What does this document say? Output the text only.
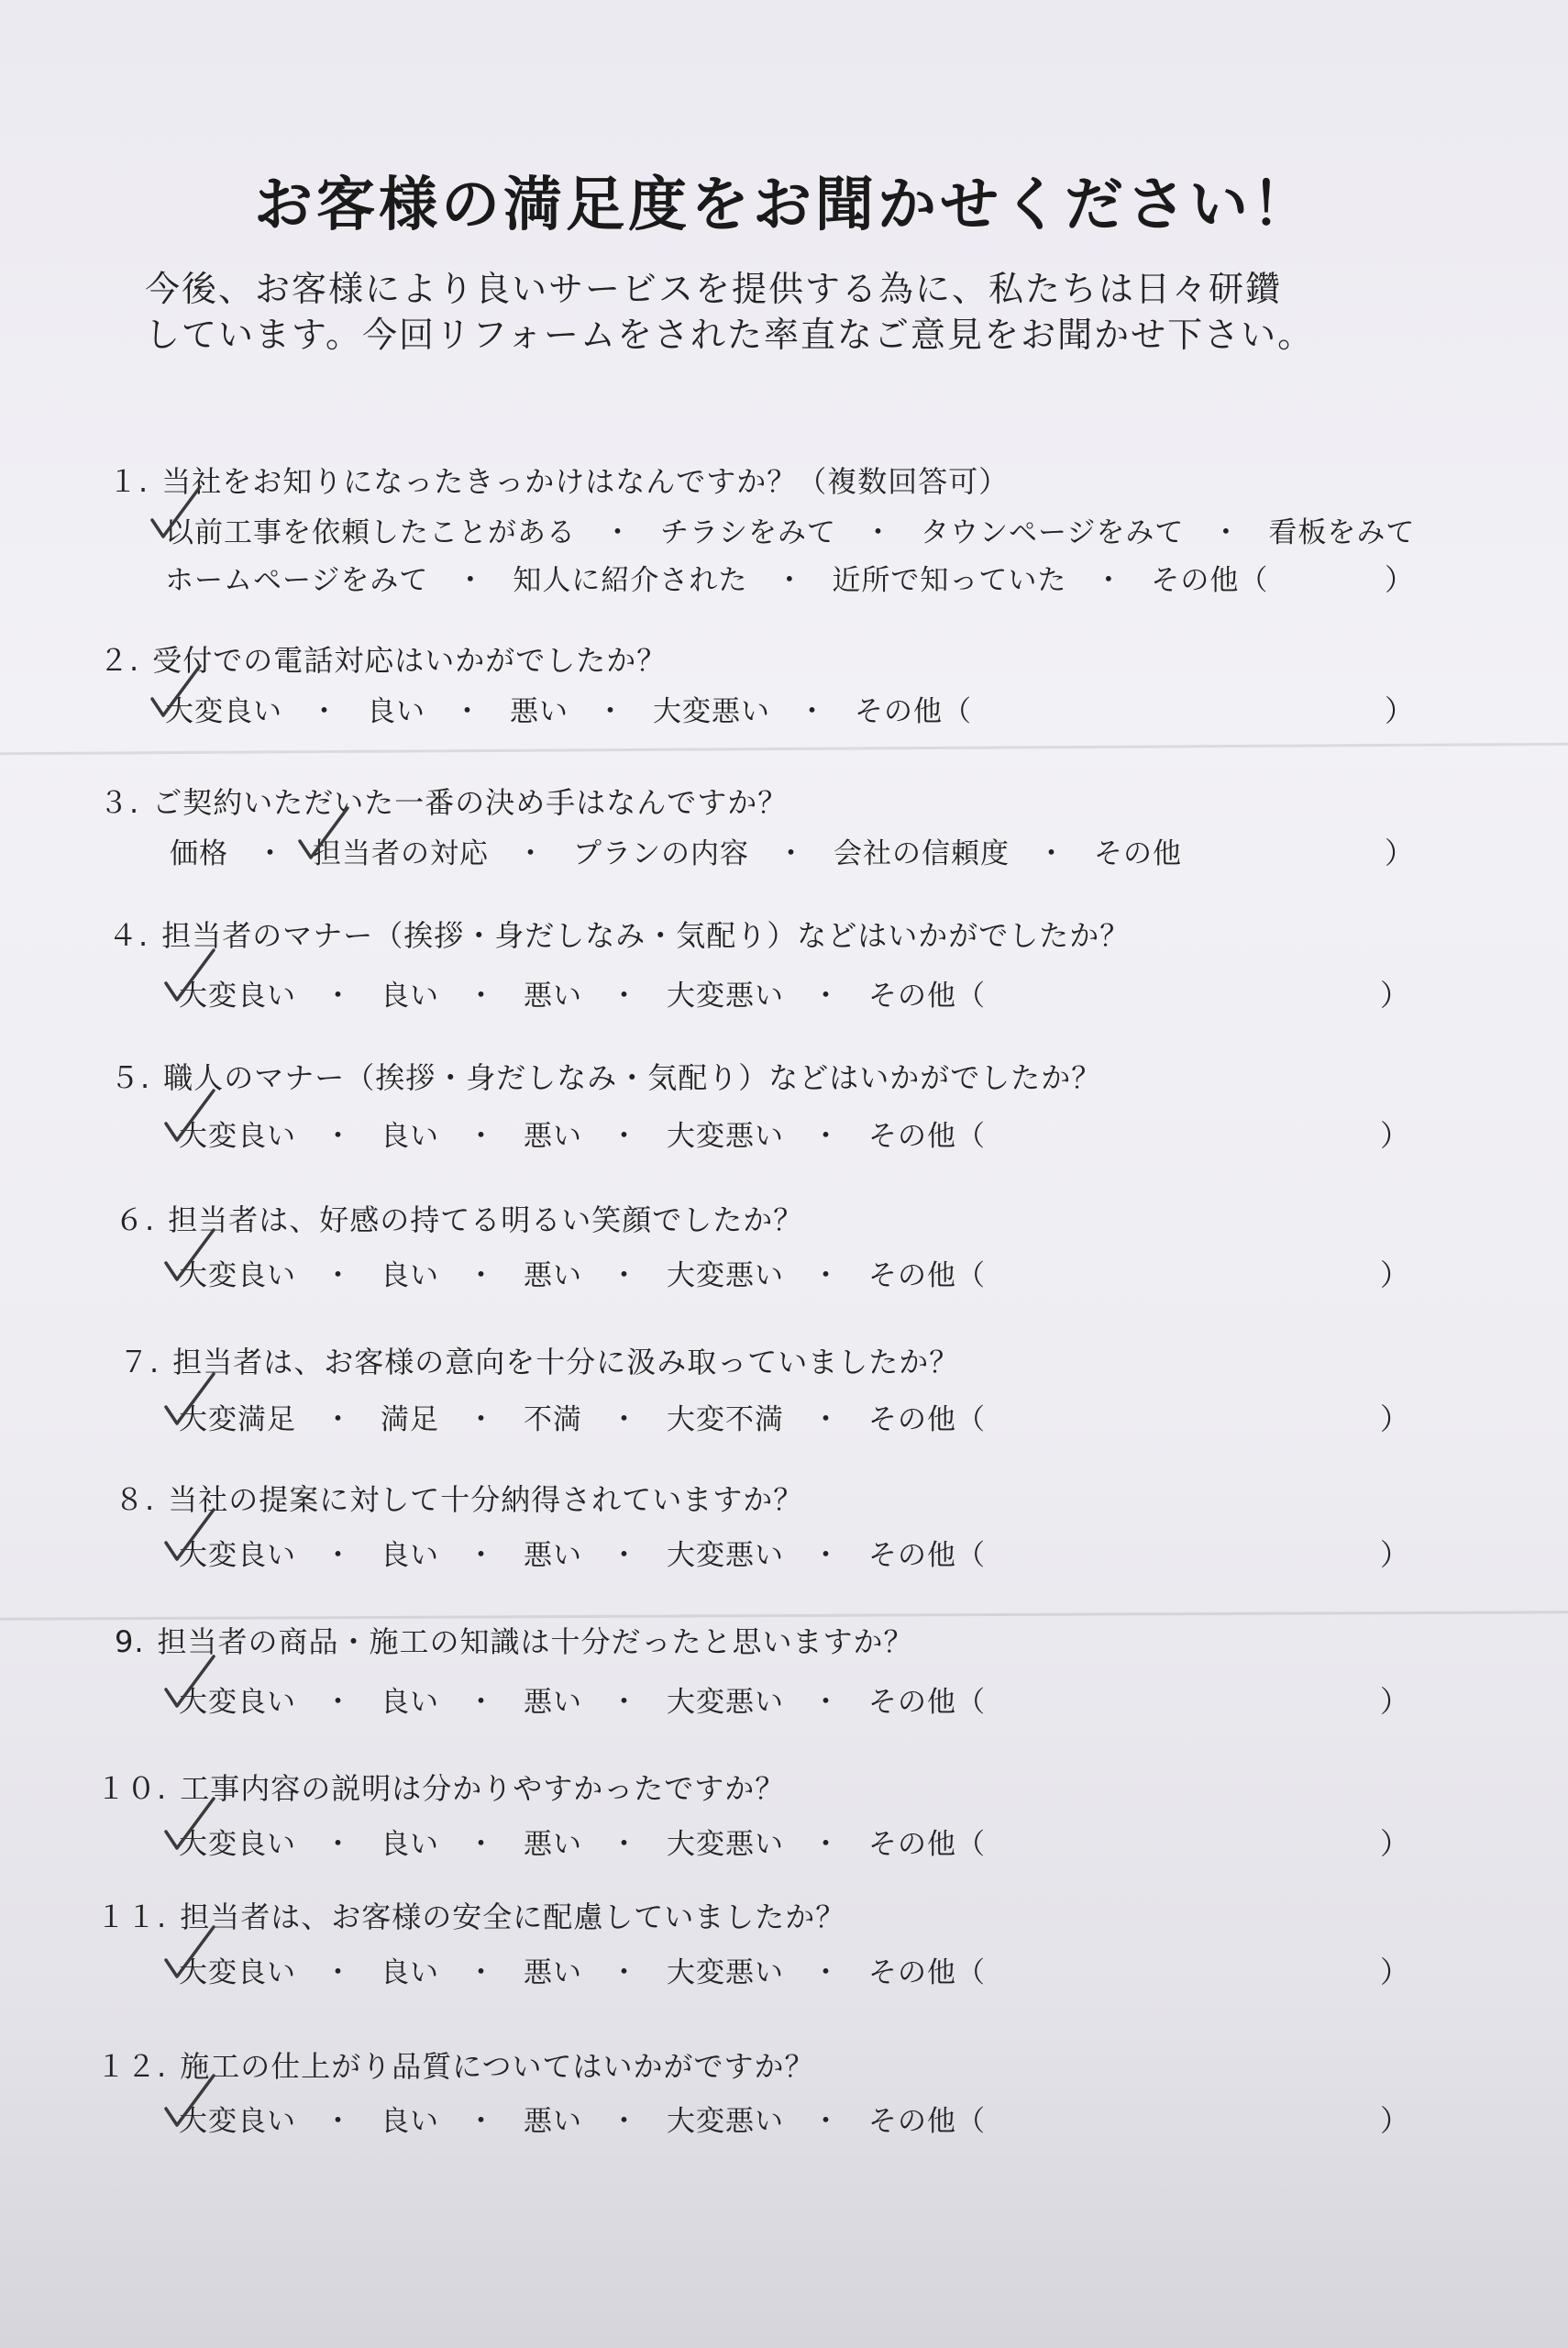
お客様の満足度をお聞かせください！
今後、お客様により良いサービスを提供する為に、私たちは日々研鑽
しています。今回リフォームをされた率直なご意見をお聞かせ下さい。
１. 当社をお知りになったきっかけはなんですか？（複数回答可）
以前工事を依頼したことがある ・ チラシをみて ・ タウンページをみて ・ 看板をみて
ホームページをみて ・ 知人に紹介された ・ 近所で知っていた ・ その他（	）
２. 受付での電話対応はいかがでしたか？
大変良い ・ 良い ・ 悪い ・ 大変悪い ・ その他（	）
３. ご契約いただいた一番の決め手はなんですか？
価格 ・ 担当者の対応 ・ プランの内容 ・ 会社の信頼度 ・ その他	）
４. 担当者のマナー（挨拶・身だしなみ・気配り）などはいかがでしたか？
大変良い ・ 良い ・ 悪い ・ 大変悪い ・ その他（	）
５. 職人のマナー（挨拶・身だしなみ・気配り）などはいかがでしたか？
大変良い ・ 良い ・ 悪い ・ 大変悪い ・ その他（	）
６. 担当者は、好感の持てる明るい笑顔でしたか？
大変良い ・ 良い ・ 悪い ・ 大変悪い ・ その他（	）
７. 担当者は、お客様の意向を十分に汲み取っていましたか？
大変満足 ・ 満足 ・ 不満 ・ 大変不満 ・ その他（	）
８. 当社の提案に対して十分納得されていますか？
大変良い ・ 良い ・ 悪い ・ 大変悪い ・ その他（	）
9. 担当者の商品・施工の知識は十分だったと思いますか？
大変良い ・ 良い ・ 悪い ・ 大変悪い ・ その他（	）
１０. 工事内容の説明は分かりやすかったですか？
大変良い ・ 良い ・ 悪い ・ 大変悪い ・ その他（	）
１１. 担当者は、お客様の安全に配慮していましたか？
大変良い ・ 良い ・ 悪い ・ 大変悪い ・ その他（	）
１２. 施工の仕上がり品質についてはいかがですか？
大変良い ・ 良い ・ 悪い ・ 大変悪い ・ その他（	）
